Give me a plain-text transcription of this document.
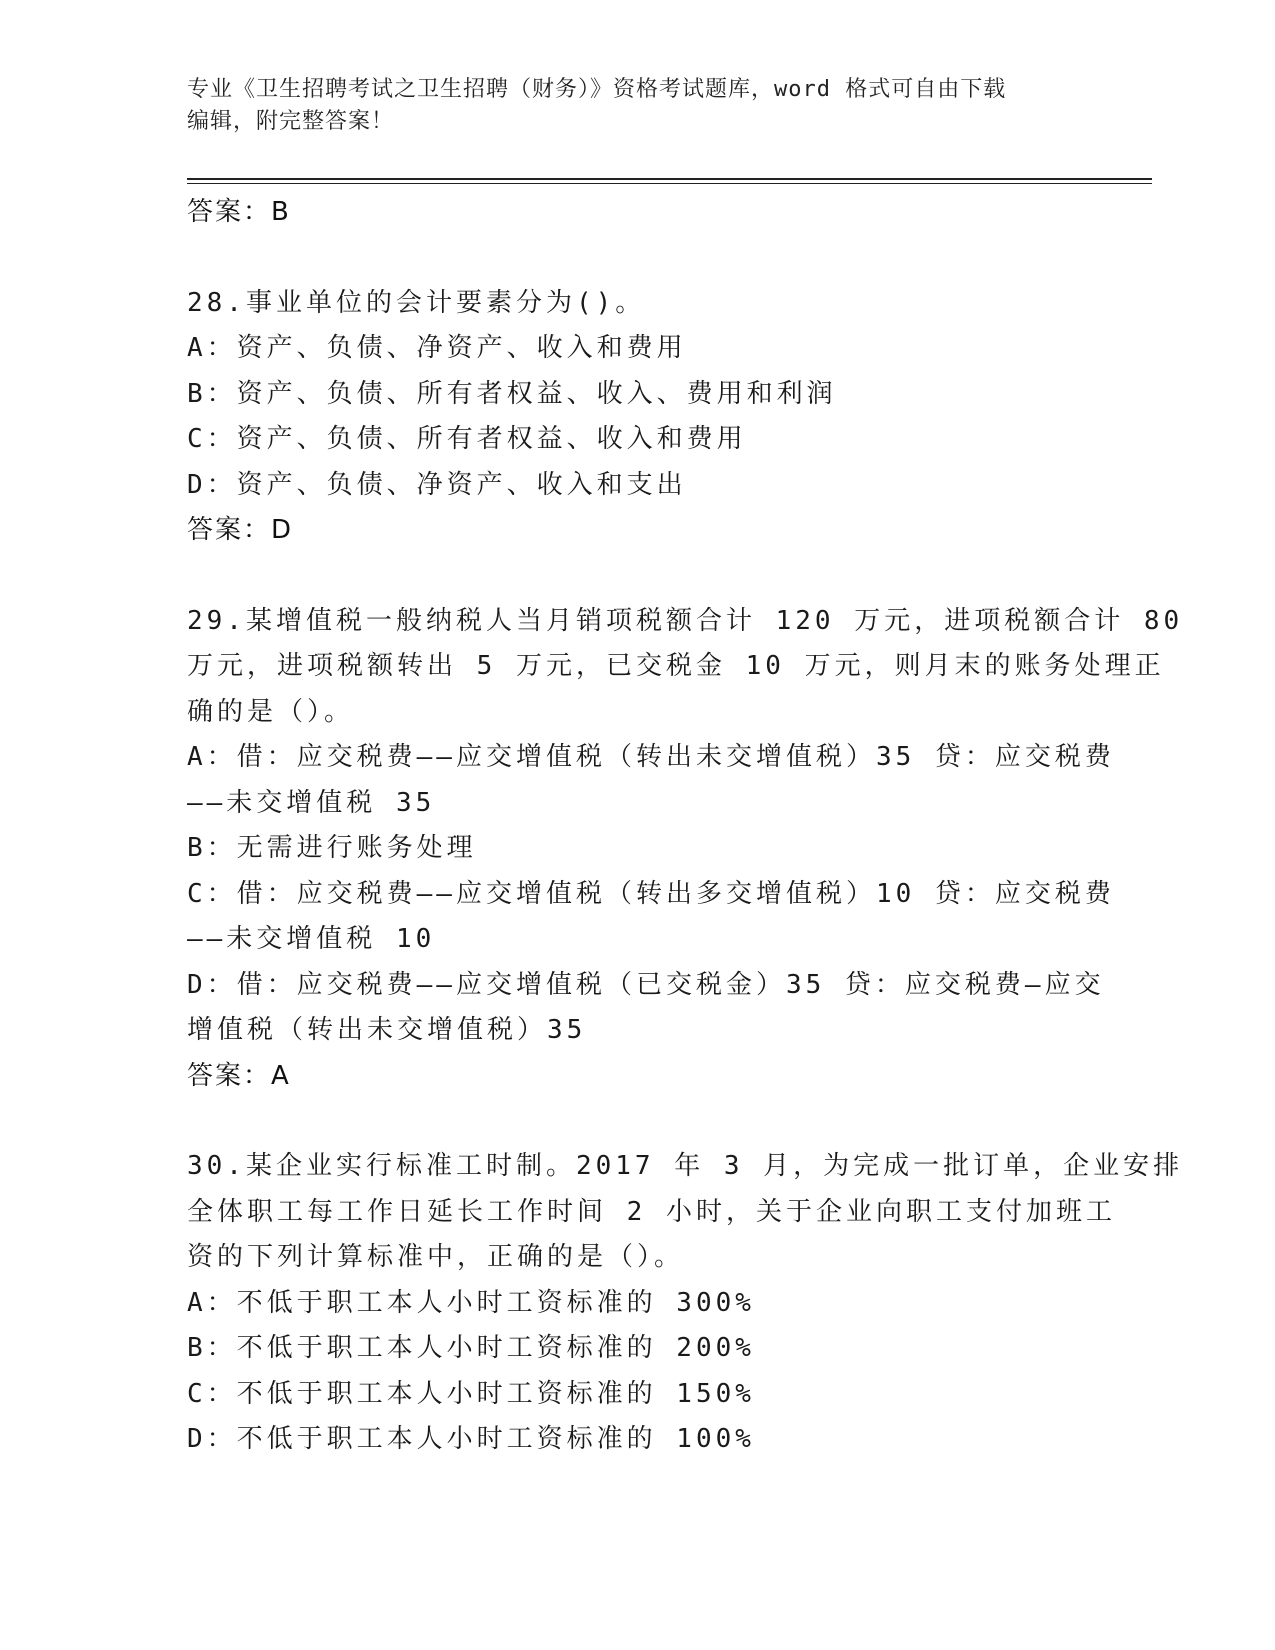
专业《卫生招聘考试之卫生招聘（财务）》资格考试题库，word 格式可自由下载
编辑，附完整答案！
答案：B
28.事业单位的会计要素分为()。
A：资产、负债、净资产、收入和费用
B：资产、负债、所有者权益、收入、费用和利润
C：资产、负债、所有者权益、收入和费用
D：资产、负债、净资产、收入和支出
答案：D
29.某增值税一般纳税人当月销项税额合计 120 万元，进项税额合计 80
万元，进项税额转出 5 万元，已交税金 10 万元，则月末的账务处理正
确的是（）。
A：借：应交税费——应交增值税（转出未交增值税）35 贷：应交税费
——未交增值税 35
B：无需进行账务处理
C：借：应交税费——应交增值税（转出多交增值税）10 贷：应交税费
——未交增值税 10
D：借：应交税费——应交增值税（已交税金）35 贷：应交税费—应交
增值税（转出未交增值税）35
答案：A
30.某企业实行标准工时制。2017 年 3 月，为完成一批订单，企业安排
全体职工每工作日延长工作时间 2 小时，关于企业向职工支付加班工
资的下列计算标准中，正确的是（）。
A：不低于职工本人小时工资标准的 300%
B：不低于职工本人小时工资标准的 200%
C：不低于职工本人小时工资标准的 150%
D：不低于职工本人小时工资标准的 100%
